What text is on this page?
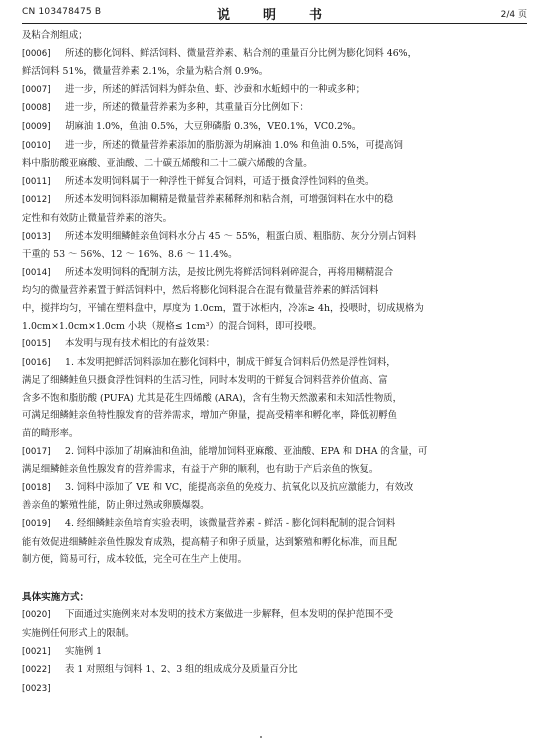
CN 103478475 B	说　明　书	2/4 页

及粘合剂组成；

[0006] 所述的膨化饲料、鲜活饲料、微量营养素、粘合剂的重量百分比例为膨化饲料 46%，

鲜活饲料 51%，微量营养素 2.1%，余量为粘合剂 0.9%。

[0007] 进一步，所述的鲜活饲料为鲜杂鱼、虾、沙蚕和水蚯蚓中的一种或多种；

[0008] 进一步，所述的微量营养素为多种，其重量百分比例如下：

[0009] 胡麻油 1.0%，鱼油 0.5%，大豆卵磷脂 0.3%，VE0.1%，VC0.2%。

[0010] 进一步，所述的微量营养素添加的脂肪源为胡麻油 1.0% 和鱼油 0.5%，可提高饲

料中脂肪酸亚麻酸、亚油酸、二十碳五烯酸和二十二碳六烯酸的含量。

[0011] 所述本发明饲料属于一种浮性干鲜复合饲料，可适于摄食浮性饲料的鱼类。

[0012] 所述本发明饲料添加糊精是微量营养素稀释剂和粘合剂，可增强饲料在水中的稳

定性和有效防止微量营养素的溶失。

[0013] 所述本发明细鳞鲑亲鱼饲料水分占 45 ～ 55%，粗蛋白质、粗脂肪、灰分分别占饲料

干重的 53 ～ 56%、12 ～ 16%、8.6 ～ 11.4%。

[0014] 所述本发明饲料的配制方法，是按比例先将鲜活饲料剁碎混合，再将用糊精混合

均匀的微量营养素置于鲜活饲料中，然后将膨化饲料混合在混有微量营养素的鲜活饲料

中，搅拌均匀，平铺在塑料盘中，厚度为 1.0cm，置于冰柜内，冷冻≥ 4h，投喂时，切成规格为

1.0cm×1.0cm×1.0cm 小块（规格≤ 1cm³）的混合饲料，即可投喂。

[0015] 本发明与现有技术相比的有益效果：

[0016] 1. 本发明把鲜活饲料添加在膨化饲料中，制成干鲜复合饲料后仍然是浮性饲料，

满足了细鳞鲑鱼只摄食浮性饲料的生活习性，同时本发明的干鲜复合饲料营养价值高、富

含多不饱和脂肪酸 (PUFA) 尤其是花生四烯酸 (ARA)，含有生物天然激素和未知活性物质，

可满足细鳞鲑亲鱼特性腺发育的营养需求，增加产卵量，提高受精率和孵化率，降低初孵鱼

苗的畸形率。

[0017] 2. 饲料中添加了胡麻油和鱼油，能增加饲料亚麻酸、亚油酸、EPA 和 DHA 的含量，可

满足细鳞鲑亲鱼性腺发育的营养需求，有益于产卵的顺利，也有助于产后亲鱼的恢复。

[0018] 3. 饲料中添加了 VE 和 VC，能提高亲鱼的免疫力、抗氧化以及抗应激能力，有效改

善亲鱼的繁殖性能，防止卵过熟或卵膜爆裂。

[0019] 4. 经细鳞鲑亲鱼培育实验表明，该微量营养素 - 鲜活 - 膨化饲料配制的混合饲料

能有效促进细鳞鲑亲鱼性腺发育成熟，提高精子和卵子质量，达到繁殖和孵化标准，而且配

制方便，简易可行，成本较低，完全可在生产上使用。

具体实施方式：

[0020] 下面通过实施例来对本发明的技术方案做进一步解释，但本发明的保护范围不受

实施例任何形式上的限制。

[0021] 实施例 1

[0022] 表 1 对照组与饲料 1、2、3 组的组成成分及质量百分比

[0023]
